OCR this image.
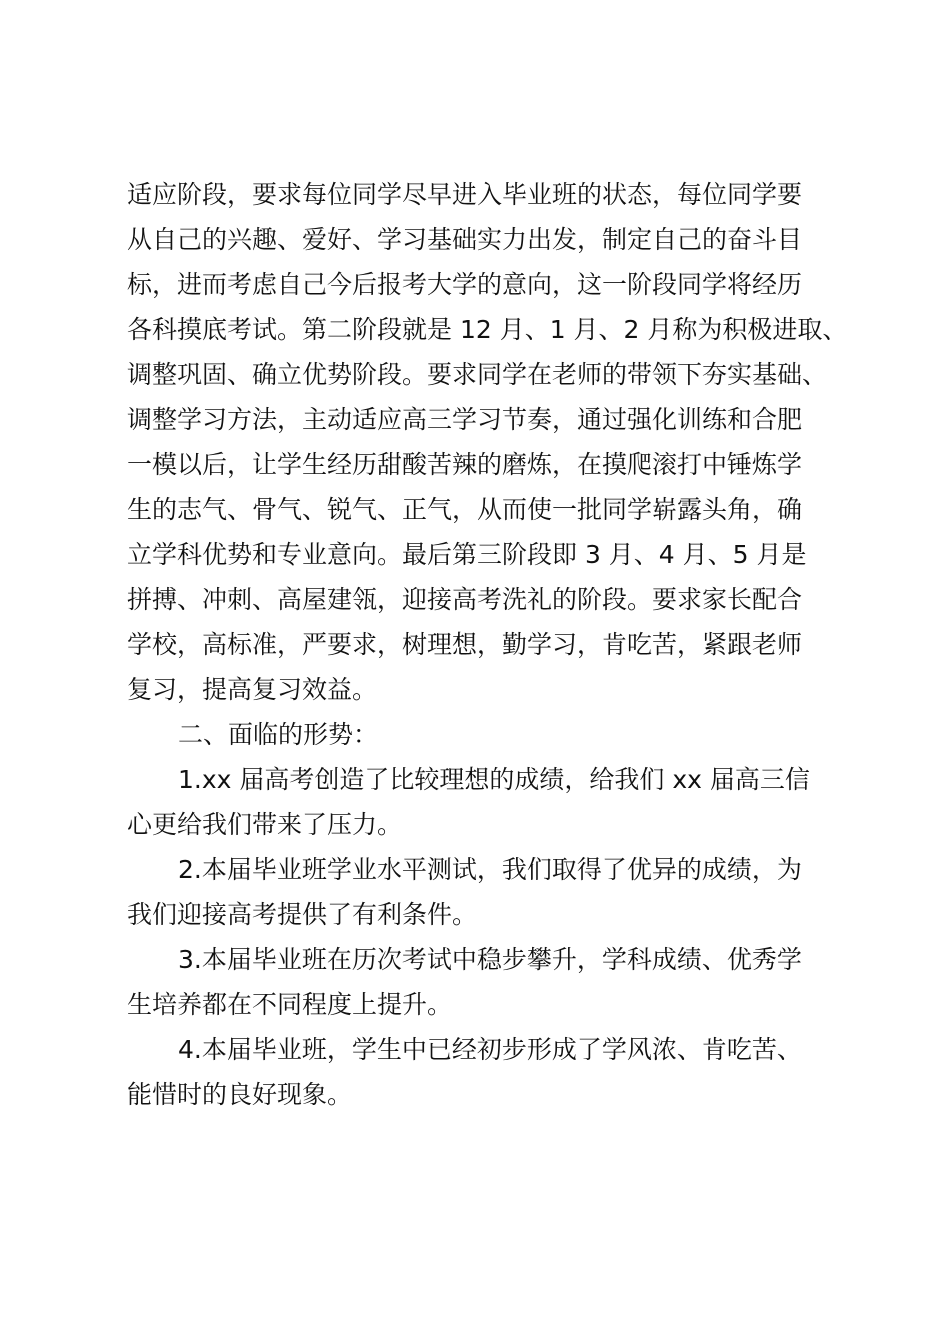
适应阶段，要求每位同学尽早进入毕业班的状态，每位同学要
从自己的兴趣、爱好、学习基础实力出发，制定自己的奋斗目
标，进而考虑自己今后报考大学的意向，这一阶段同学将经历
各科摸底考试。第二阶段就是 12 月、1 月、2 月称为积极进取、
调整巩固、确立优势阶段。要求同学在老师的带领下夯实基础、
调整学习方法，主动适应高三学习节奏，通过强化训练和合肥
一模以后，让学生经历甜酸苦辣的磨炼，在摸爬滚打中锤炼学
生的志气、骨气、锐气、正气，从而使一批同学崭露头角，确
立学科优势和专业意向。最后第三阶段即 3 月、4 月、5 月是
拼搏、冲刺、高屋建瓴，迎接高考洗礼的阶段。要求家长配合
学校，高标准，严要求，树理想，勤学习，肯吃苦，紧跟老师
复习，提高复习效益。
二、面临的形势：
1.xx 届高考创造了比较理想的成绩，给我们 xx 届高三信
心更给我们带来了压力。
2.本届毕业班学业水平测试，我们取得了优异的成绩，为
我们迎接高考提供了有利条件。
3.本届毕业班在历次考试中稳步攀升，学科成绩、优秀学
生培养都在不同程度上提升。
4.本届毕业班，学生中已经初步形成了学风浓、肯吃苦、
能惜时的良好现象。
